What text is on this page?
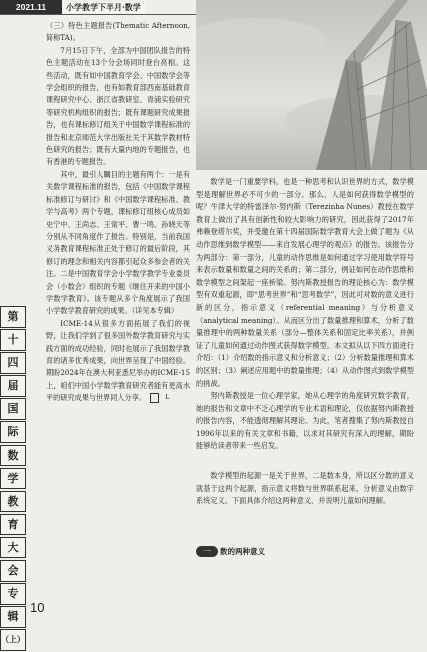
2021.11	小学教学下半月·数学

（三）特色主题报告(Thematic Afternoon,简称TA)。

7月15日下午，全部为中国团队报告的特色主题活动在13个分会场同时登台亮相。这些活动，既有如中国教育学会、中国数学会等学会组织的报告，也有如教育部西南基础教育课程研究中心、浙江省教研室、青浦实验研究等研究机构组织的报告；既有课题研究成果报告，也有课标修订组关于中国数学课程标准的报告和北京师范大学出版社关于其数学教材特色研究的报告；既有大量内地的专题报告，也有香港的专题报告。

其中，最引人瞩目的主题有两个：一是有关数学课程标准的报告，包括《中国数学课程标准修订与研讨》和《中国数学课程标准、教学与高考》两个专题，课标修订组核心成员如史宁中、王尚志、王常平、曹一鸣、孙晓天等分别从不同角度作了报告。特别是，当前我国义务教育课程标准正处于修订的最后阶段，其修订的理念和相关内容都引起众多参会者的关注。二是中国教育学会小学数学教学专业委员会（小数会）组织的专题《继往开来的中国小学数学教育》。该专题从多个角度展示了我国小学数学教育研究的成果。（详见本专辑）

ICME-14从很多方面拓展了我们的视野，让我们学到了很多国外数学教育研究与实践方面的成功经验，同时也展示了我国数学教育的诸多优秀成果，向世界呈现了中国经验。期盼2024年在澳大利亚悉尼举办的ICME-15上，咱们中国小学数学教育研究者能有更高水平的研究成果与世界同人分享。	L

数学是一门重要学科，也是一种思考和认识世界的方式，数学模型是理解世界必不可少的一部分。那么，人是如何获得数学模型的呢？牛津大学的特雷泽尔·努内斯（Terezinha Nunes）教授在数学教育上做出了具有创新性和较大影响力的研究，因此获得了2017年弗赖登塔尔奖，并受邀在第十四届国际数学教育大会上做了题为《从动作思维到数学模型——来自发展心理学的观点》的报告。该报告分为两部分：第一部分，儿童的动作思维是如何通过学习使用数学符号来表示数量和数量之间的关系的；第二部分，例证如何在动作思维和数学模型之间架起一座桥梁。努内斯教授报告的理论核心为：数学模型有双重起源，即“思考世界”和“思考数学”，因此可对数的意义进行新的区分，指示意义（referential meaning）与分析意义（analytical meaning）。从而区分出了数量推理和算术，分析了数量推理中的两种数量关系（部分—整体关系和固定比率关系），并例证了儿童如何通过动作图式获得数学模型。本文拟从以下四方面进行介绍：（1）介绍数的指示意义和分析意义；（2）分析数量推理和算术的区别；（3）阐述应用题中的数量推理；（4）从动作图式到数学模型的挑战。

努内斯教授是一位心理学家，她从心理学的角度研究数学教育，她的报告和文章中不乏心理学的专业术语和理论，仅依据努内斯教授的报告内容，不能透彻理解其理论。为此，笔者搜集了努内斯教授自1996年以来的有关文章和书籍，以求对其研究有深入的理解，期盼能够给读者带来一些启发。

数学模型的起源一是关于世界，二是数本身，所以区分数的意义就基于这两个起源，指示意义将数与世界联系起来，分析意义由数字系统定义。下面具体介绍这两种意义，并说明儿童如何理解。

一 数的两种意义
第
十
四
届
国
际
数
学
教
育
大
会
专
辑
（上）
10
